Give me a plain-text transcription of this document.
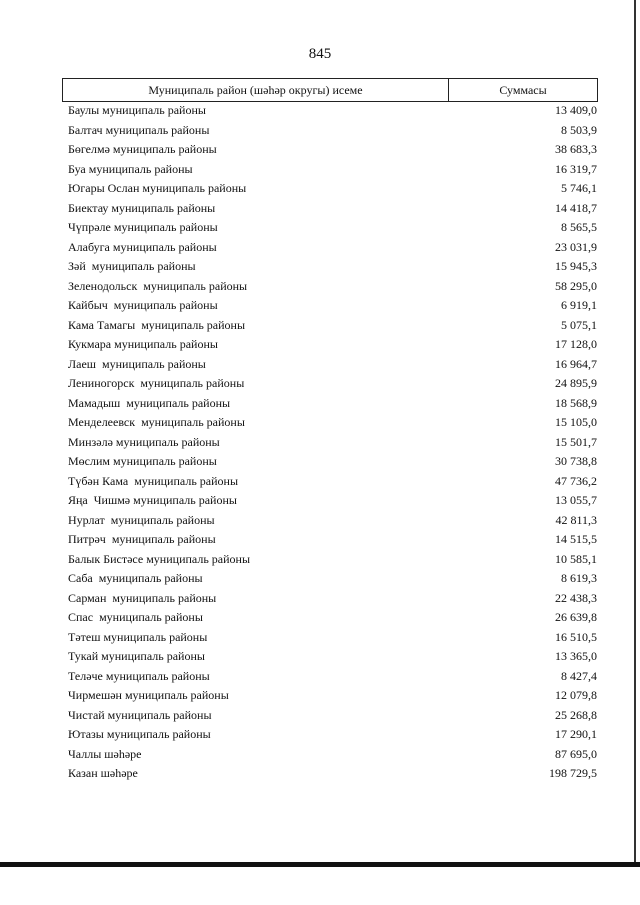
845
Муниципаль район (шәһәр округы) исеме	Суммасы
Баулы муниципаль районы	13 409,0
Балтач муниципаль районы	8 503,9
Бөгелмә муниципаль районы	38 683,3
Буа муниципаль районы	16 319,7
Югары Ослан муниципаль районы	5 746,1
Биектау муниципаль районы	14 418,7
Чүпрәле муниципаль районы	8 565,5
Алабуга муниципаль районы	23 031,9
Зәй  муниципаль районы	15 945,3
Зеленодольск  муниципаль районы	58 295,0
Кайбыч  муниципаль районы	6 919,1
Кама Тамагы  муниципаль районы	5 075,1
Кукмара муниципаль районы	17 128,0
Лаеш  муниципаль районы	16 964,7
Лениногорск  муниципаль районы	24 895,9
Мамадыш  муниципаль районы	18 568,9
Менделеевск  муниципаль районы	15 105,0
Минзәлә муниципаль районы	15 501,7
Мөслим муниципаль районы	30 738,8
Түбән Кама  муниципаль районы	47 736,2
Яңа  Чишмә муниципаль районы	13 055,7
Нурлат  муниципаль районы	42 811,3
Питрәч  муниципаль районы	14 515,5
Балык Бистәсе муниципаль районы	10 585,1
Саба  муниципаль районы	8 619,3
Сарман  муниципаль районы	22 438,3
Спас  муниципаль районы	26 639,8
Тәтеш муниципаль районы	16 510,5
Тукай муниципаль районы	13 365,0
Теләче муниципаль районы	8 427,4
Чирмешән муниципаль районы	12 079,8
Чистай муниципаль районы	25 268,8
Ютазы муниципаль районы	17 290,1
Чаллы шәһәре	87 695,0
Казан шәһәре	198 729,5
